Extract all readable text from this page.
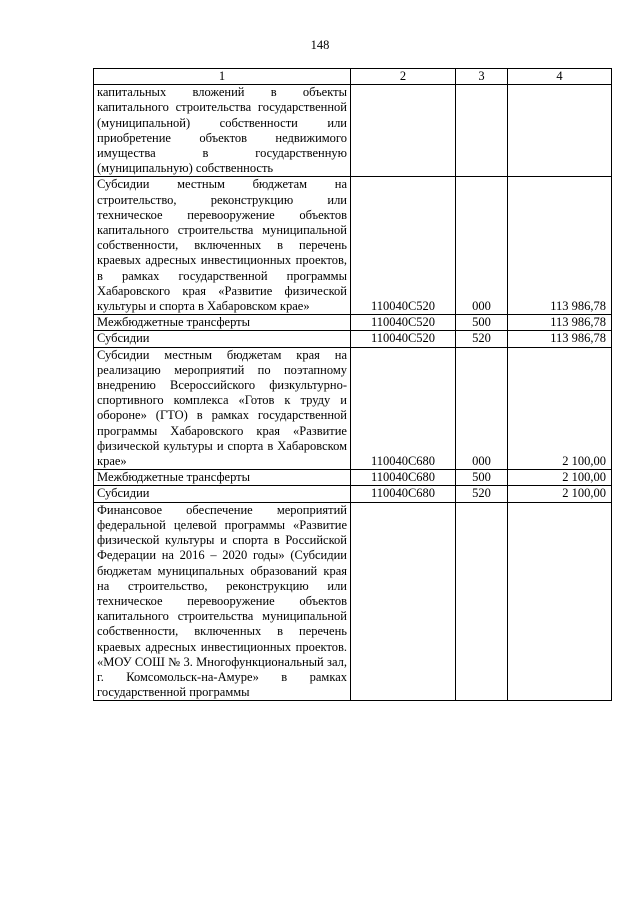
148
1	2	3	4
капитальных вложений в объекты капитального строительства государственной (муниципальной) собственности или приобретение объектов недвижимого имущества в государственную (муниципальную) собственность			
Субсидии местным бюджетам на строительство, реконструкцию или техническое перевооружение объектов капитального строительства муниципальной собственности, включенных в перечень краевых адресных инвестиционных проектов, в рамках государственной программы Хабаровского края «Развитие физической культуры и спорта в Хабаровском крае»	110040С520	000	113 986,78
Межбюджетные трансферты	110040С520	500	113 986,78
Субсидии	110040С520	520	113 986,78
Субсидии местным бюджетам края на реализацию мероприятий по поэтапному внедрению Всероссийского физкультурно-спортивного комплекса «Готов к труду и обороне» (ГТО) в рамках государственной программы Хабаровского края «Развитие физической культуры и спорта в Хабаровском крае»	110040С680	000	2 100,00
Межбюджетные трансферты	110040С680	500	2 100,00
Субсидии	110040С680	520	2 100,00
Финансовое обеспечение мероприятий федеральной целевой программы «Развитие физической культуры и спорта в Российской Федерации на 2016 – 2020 годы» (Субсидии бюджетам муниципальных образований края на строительство, реконструкцию или техническое перевооружение объектов капитального строительства муниципальной собственности, включенных в перечень краевых адресных инвестиционных проектов. «МОУ СОШ № 3. Многофункциональный зал, г. Комсомольск-на-Амуре» в рамках государственной программы			
